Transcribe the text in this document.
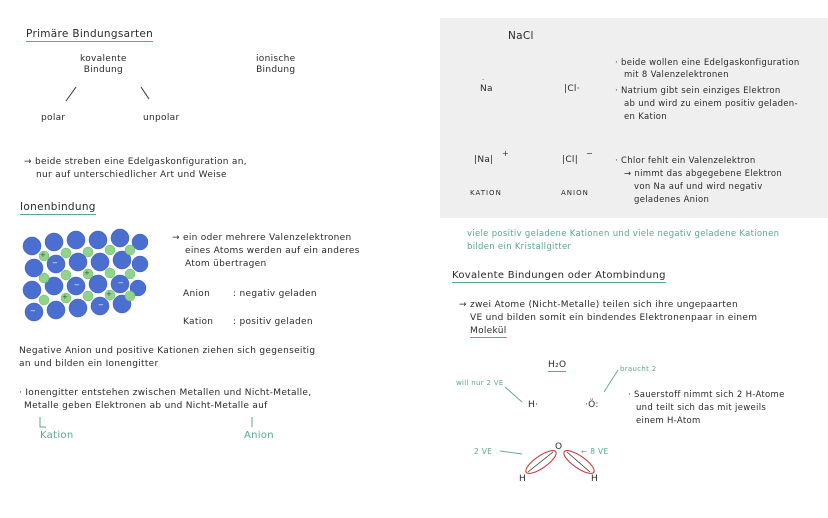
Primäre Bindungsarten
kovalente
Bindung
ionische
Bindung
polar	unpolar
→ beide streben eine Edelgaskonfiguration an,
nur auf unterschiedlicher Art und Weise
Ionenbindung
+
+
+	+
−
−	−
−
−
→ ein oder mehrere Valenzelektronen
eines Atoms werden auf ein anderes
Atom übertragen
Anion	: negativ geladen
Kation : positiv geladen
Negative Anion und positive Kationen ziehen sich gegenseitig
an und bilden ein Ionengitter
· Ionengitter entstehen zwischen Metallen und Nicht-Metalle,
Metalle geben Elektronen ab und Nicht-Metalle auf
Kation	Anion
NaCl
·
Na	|Cl·
|Na|
+
|Cl|
−
KATION	ANION
· beide wollen eine Edelgaskonfiguration
mit 8 Valenzelektronen
· Natrium gibt sein einziges Elektron
ab und wird zu einem positiv geladen-
en Kation
· Chlor fehlt ein Valenzelektron
→ nimmt das abgegebene Elektron
von Na auf und wird negativ
geladenes Anion
viele positiv geladene Kationen und viele negativ geladene Kationen
bilden ein Kristallgitter
Kovalente Bindungen oder Atombindung
→ zwei Atome (Nicht-Metalle) teilen sich ihre ungepaarten
VE und bilden somit ein bindendes Elektronenpaar in einem
Molekül
H₂O
will nur 2 VE
braucht 2
H·	·Ö:
· Sauerstoff nimmt sich 2 H-Atome
und teilt sich das mit jeweils
einem H-Atom
2 VE	← 8 VE
O
H	H
